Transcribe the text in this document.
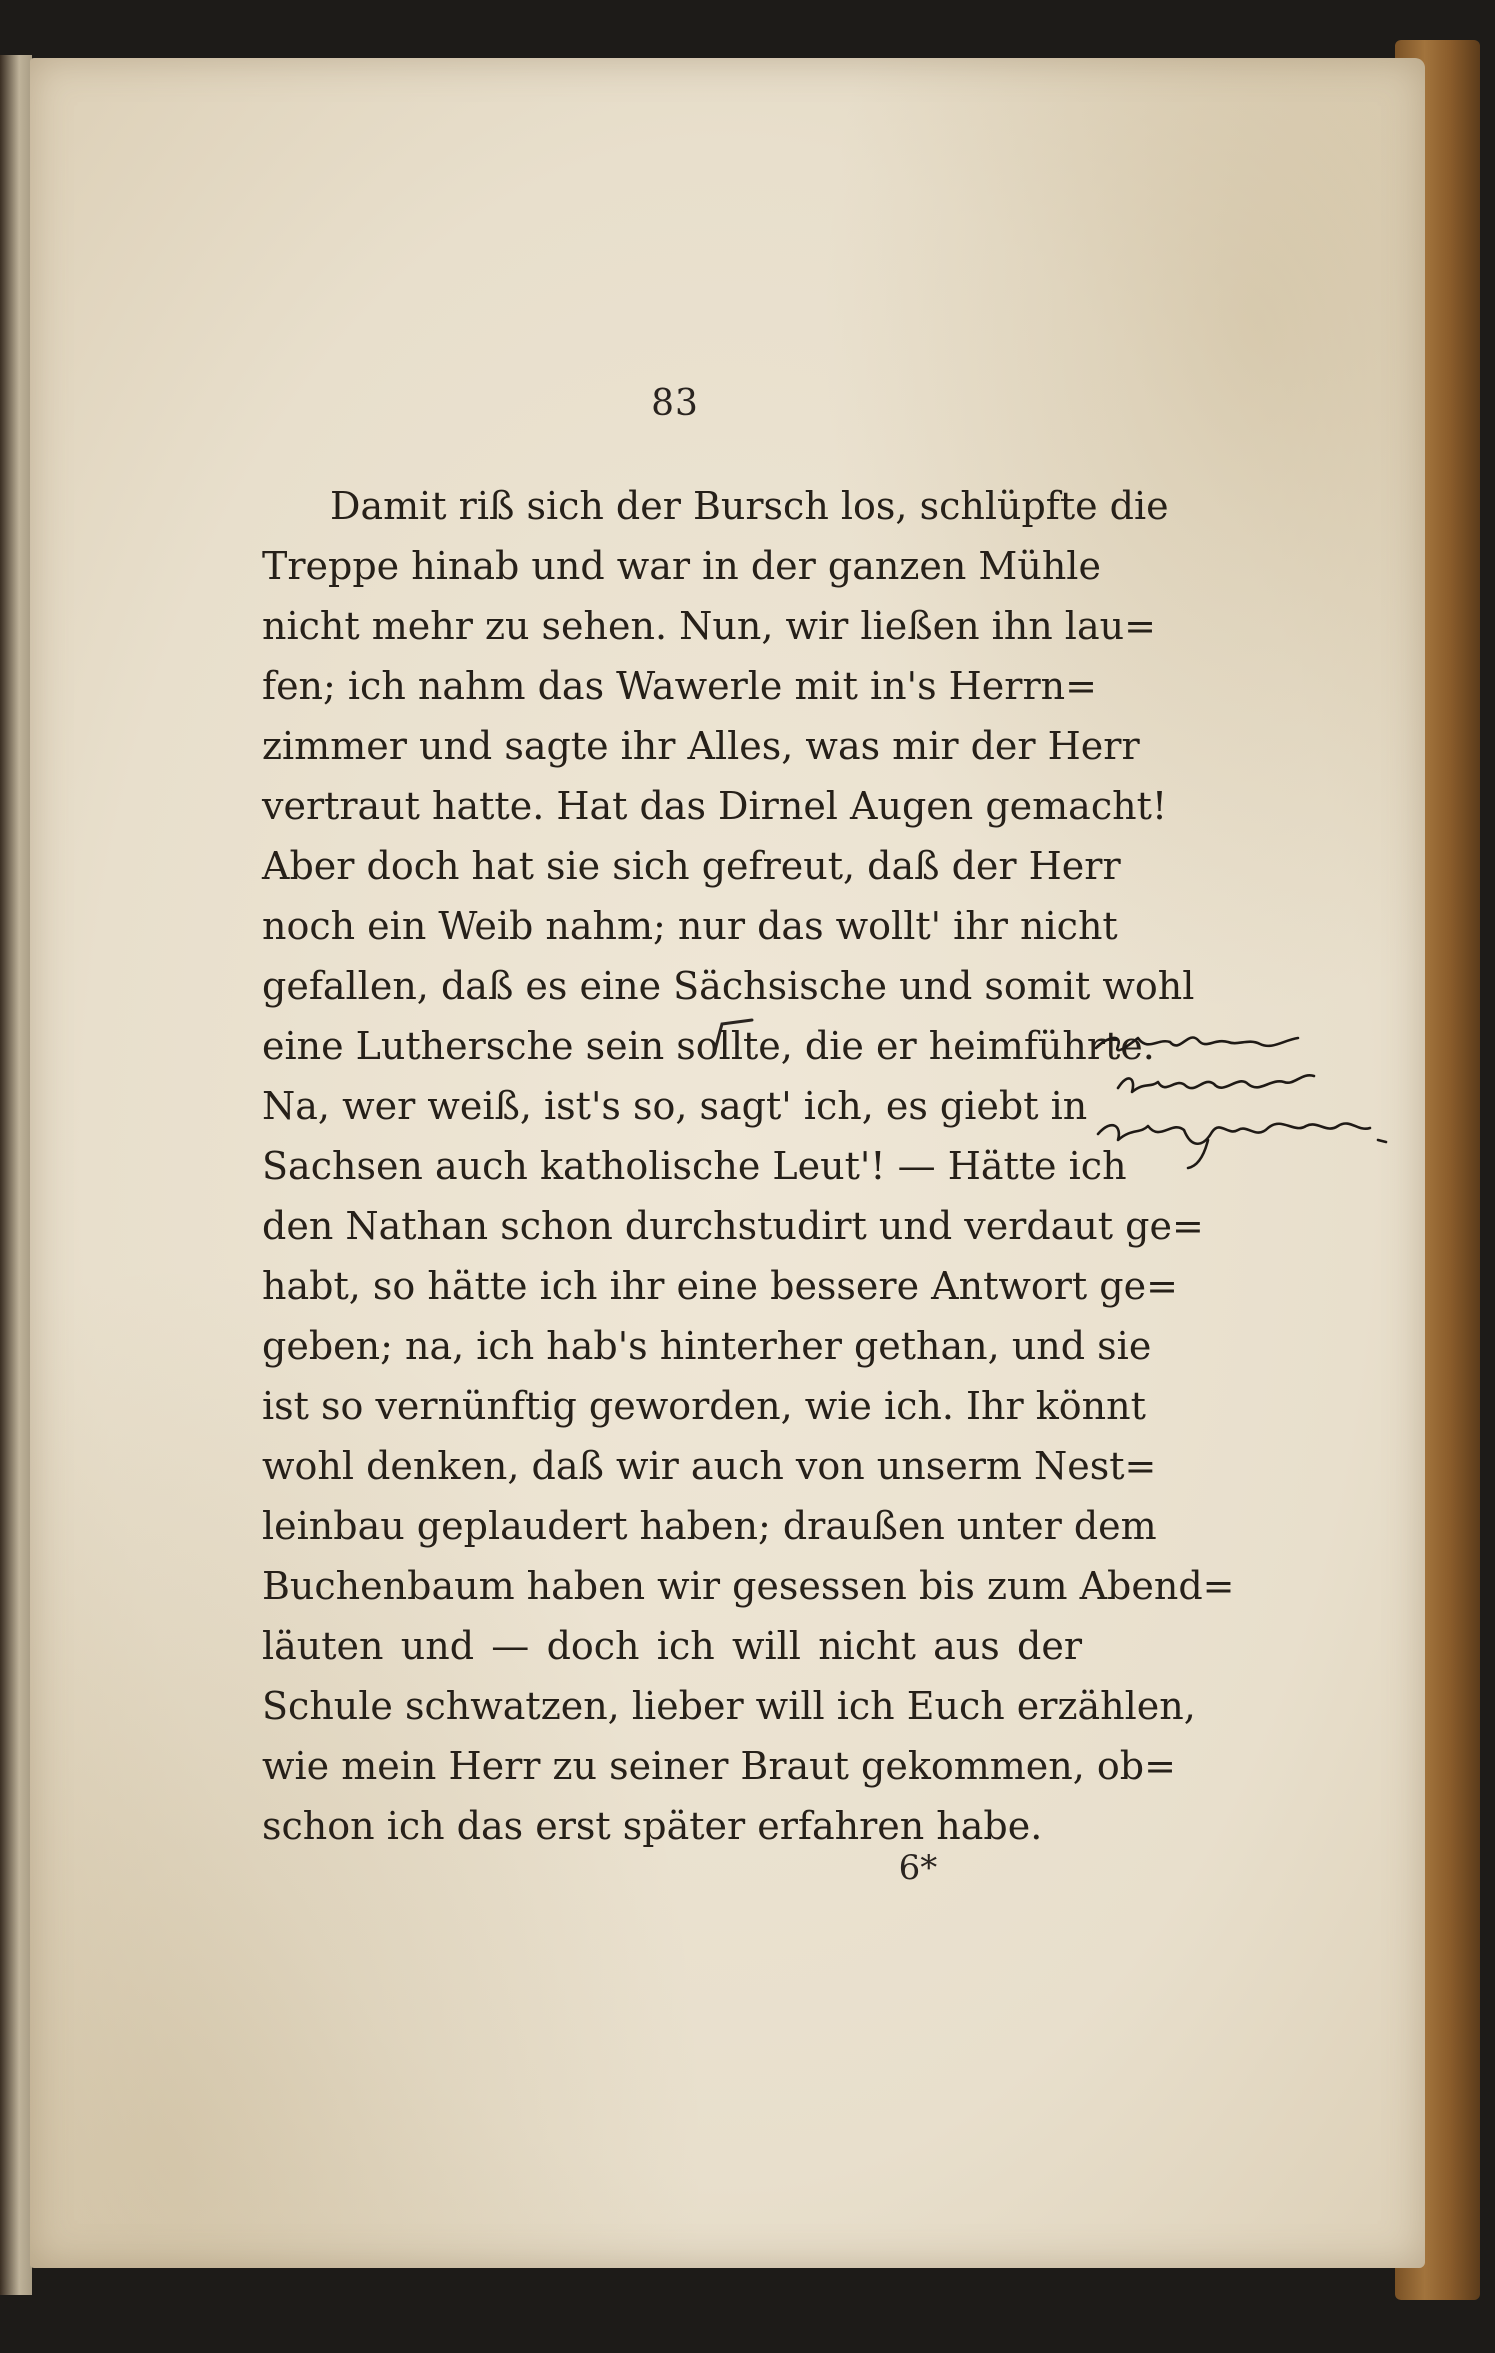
83
Damit riß sich der Bursch los, schlüpfte die
Treppe hinab und war in der ganzen Mühle
nicht mehr zu sehen. Nun, wir ließen ihn lau=
fen; ich nahm das Wawerle mit in's Herrn=
zimmer und sagte ihr Alles, was mir der Herr
vertraut hatte. Hat das Dirnel Augen gemacht!
Aber doch hat sie sich gefreut, daß der Herr
noch ein Weib nahm; nur das wollt' ihr nicht
gefallen, daß es eine Sächsische und somit wohl
eine Luthersche sein sollte, die er heimführte.
Na, wer weiß, ist's so, sagt' ich, es giebt in
Sachsen auch katholische Leut'! — Hätte ich
den Nathan schon durchstudirt und verdaut ge=
habt, so hätte ich ihr eine bessere Antwort ge=
geben; na, ich hab's hinterher gethan, und sie
ist so vernünftig geworden, wie ich. Ihr könnt
wohl denken, daß wir auch von unserm Nest=
leinbau geplaudert haben; draußen unter dem
Buchenbaum haben wir gesessen bis zum Abend=
läuten und — doch ich will nicht aus der
Schule schwatzen, lieber will ich Euch erzählen,
wie mein Herr zu seiner Braut gekommen, ob=
schon ich das erst später erfahren habe.
6*
